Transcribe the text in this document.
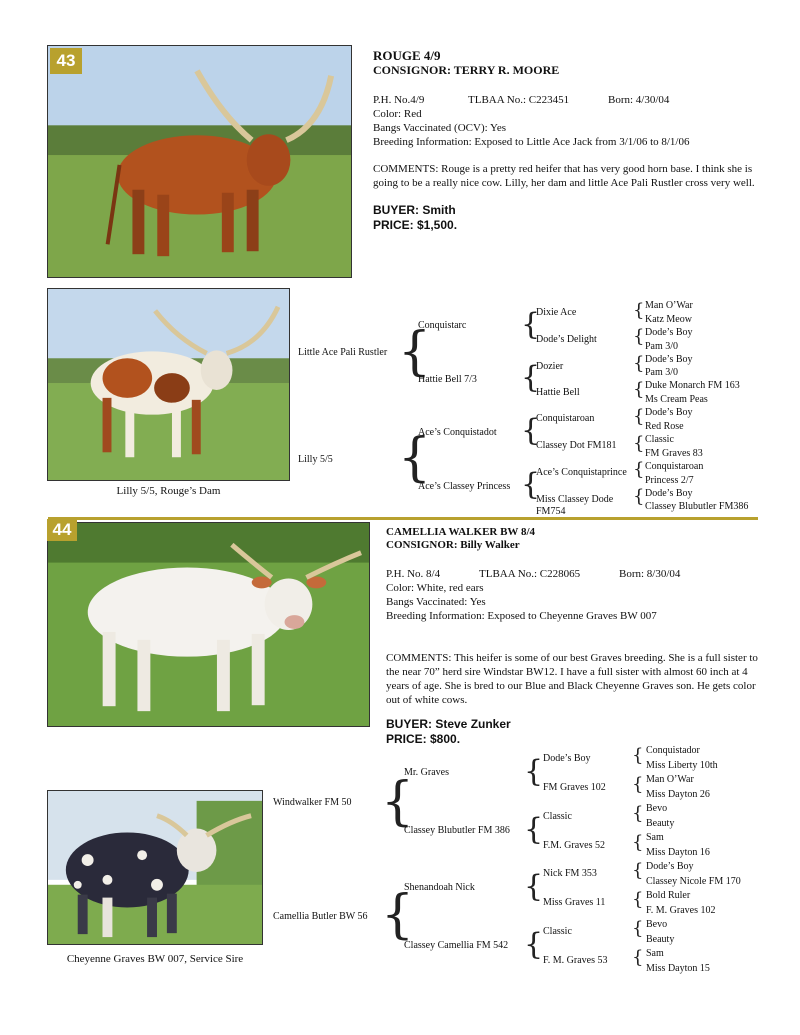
43	ROUGE 4/9
CONSIGNOR: TERRY R. MOORE
P.H. No.4/9	TLBAA No.: C223451	Born: 4/30/04
Color: Red
Bangs Vaccinated (OCV): Yes
Breeding Information: Exposed to Little Ace Jack from 3/1/06 to 8/1/06
COMMENTS: Rouge is a pretty red heifer that has very good horn base. I think she is going to be a really nice cow. Lilly, her dam and little Ace Pali Rustler cross very well.
BUYER: Smith
PRICE: $1,500.
Lilly 5/5, Rouge’s Dam
Little Ace Pali Rustler
Lilly 5/5
{
{
Conquistarc
Hattie Bell 7/3
Ace’s Conquistadot
Ace’s Classey Princess
{
{
{
{
Dixie Ace
Dode’s Delight
Dozier
Hattie Bell
Conquistaroan
Classey Dot FM181
Ace’s Conquistaprince
Miss Classey Dode FM754
{
{
{
{
{
{
{
{
Man O’War
Katz Meow
Dode’s Boy
Pam 3/0
Dode’s Boy
Pam 3/0
Duke Monarch FM 163
Ms Cream Peas
Dode’s Boy
Red Rose
Classic
FM Graves 83
Conquistaroan
Princess 2/7
Dode’s Boy
Classey Blubutler FM386
44	CAMELLIA WALKER BW 8/4
CONSIGNOR: Billy Walker
P.H. No. 8/4	TLBAA No.: C228065	Born: 8/30/04
Color: White, red ears
Bangs Vaccinated: Yes
Breeding Information: Exposed to Cheyenne Graves BW 007
COMMENTS: This heifer is some of our best Graves breeding. She is a full sister to the near 70” herd sire Windstar BW12. I have a full sister with almost 60 inch at 4 years of age. She is bred to our Blue and Black Cheyenne Graves son. He gets color out of white cows.
BUYER: Steve Zunker
PRICE: $800.
Cheyenne Graves BW 007, Service Sire
Windwalker FM 50
Camellia Butler BW 56
{
{
Mr. Graves
Classey Blubutler FM 386
Shenandoah Nick
Classey Camellia FM 542
{
{
{
{
Dode’s Boy
FM Graves 102
Classic
F.M. Graves 52
Nick FM 353
Miss Graves 11
Classic
F. M. Graves 53
{
{
{
{
{
{
{
{
Conquistador
Miss Liberty 10th
Man O’War
Miss Dayton 26
Bevo
Beauty
Sam
Miss Dayton 16
Dode’s Boy
Classey Nicole FM 170
Bold Ruler
F. M. Graves 102
Bevo
Beauty
Sam
Miss Dayton 15
